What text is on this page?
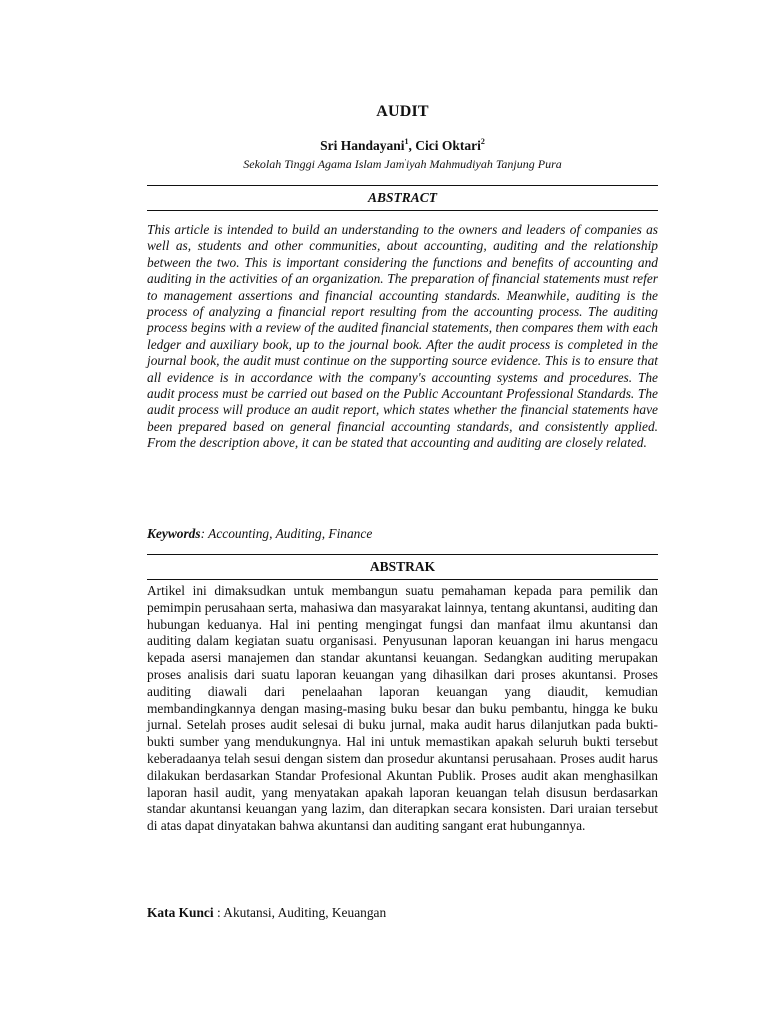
AUDIT
Sri Handayani$^1$, Cici Oktari$^2$
Sekolah Tinggi Agama Islam Jam'iyah Mahmudiyah Tanjung Pura
ABSTRACT

This article is intended to build an understanding to the owners and leaders of companies as well as, students and other communities, about accounting, auditing and the relationship between the two. This is important considering the functions and benefits of accounting and auditing in the activities of an organization. The preparation of financial statements must refer to management assertions and financial accounting standards. Meanwhile, auditing is the process of analyzing a financial report resulting from the accounting process. The auditing process begins with a review of the audited financial statements, then compares them with each ledger and auxiliary book, up to the journal book. After the audit process is completed in the journal book, the audit must continue on the supporting source evidence. This is to ensure that all evidence is in accordance with the company's accounting systems and procedures. The audit process must be carried out based on the Public Accountant Professional Standards. The audit process will produce an audit report, which states whether the financial statements have been prepared based on general financial accounting standards, and consistently applied. From the description above, it can be stated that accounting and auditing are closely related.

Keywords: Accounting, Auditing, Finance
ABSTRAK

Artikel ini dimaksudkan untuk membangun suatu pemahaman kepada para pemilik dan pemimpin perusahaan serta, mahasiwa dan masyarakat lainnya, tentang akuntansi, auditing dan hubungan keduanya. Hal ini penting mengingat fungsi dan manfaat ilmu akuntansi dan auditing dalam kegiatan suatu organisasi. Penyusunan laporan keuangan ini harus mengacu kepada asersi manajemen dan standar akuntansi keuangan. Sedangkan auditing merupakan proses analisis dari suatu laporan keuangan yang dihasilkan dari proses akuntansi. Proses auditing diawali dari penelaahan laporan keuangan yang diaudit, kemudian membandingkannya dengan masing-masing buku besar dan buku pembantu, hingga ke buku jurnal. Setelah proses audit selesai di buku jurnal, maka audit harus dilanjutkan pada bukti-bukti sumber yang mendukungnya. Hal ini untuk memastikan apakah seluruh bukti tersebut keberadaanya telah sesui dengan sistem dan prosedur akuntansi perusahaan. Proses audit harus dilakukan berdasarkan Standar Profesional Akuntan Publik. Proses audit akan menghasilkan laporan hasil audit, yang menyatakan apakah laporan keuangan telah disusun berdasarkan standar akuntansi keuangan yang lazim, dan diterapkan secara konsisten. Dari uraian tersebut di atas dapat dinyatakan bahwa akuntansi dan auditing sangant erat hubungannya.

Kata Kunci : Akutansi, Auditing, Keuangan
